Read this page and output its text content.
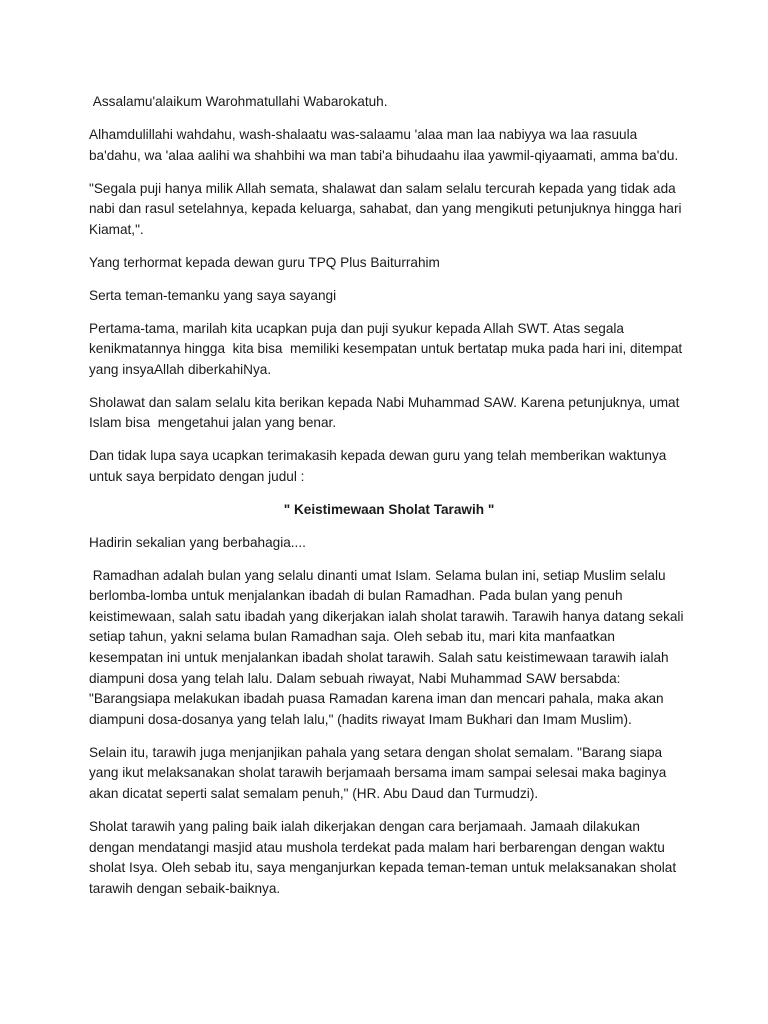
Assalamu'alaikum Warohmatullahi Wabarokatuh.

Alhamdulillahi wahdahu, wash-shalaatu was-salaamu 'alaa man laa nabiyya wa laa rasuula ba'dahu, wa 'alaa aalihi wa shahbihi wa man tabi'a bihudaahu ilaa yawmil-qiyaamati, amma ba'du.

"Segala puji hanya milik Allah semata, shalawat dan salam selalu tercurah kepada yang tidak ada nabi dan rasul setelahnya, kepada keluarga, sahabat, dan yang mengikuti petunjuknya hingga hari Kiamat,".

Yang terhormat kepada dewan guru TPQ Plus Baiturrahim

Serta teman-temanku yang saya sayangi

Pertama-tama, marilah kita ucapkan puja dan puji syukur kepada Allah SWT. Atas segala kenikmatannya hingga  kita bisa  memiliki kesempatan untuk bertatap muka pada hari ini, ditempat yang insyaAllah diberkahiNya.

Sholawat dan salam selalu kita berikan kepada Nabi Muhammad SAW. Karena petunjuknya, umat Islam bisa  mengetahui jalan yang benar.

Dan tidak lupa saya ucapkan terimakasih kepada dewan guru yang telah memberikan waktunya untuk saya berpidato dengan judul :

" Keistimewaan Sholat Tarawih "

Hadirin sekalian yang berbahagia....

Ramadhan adalah bulan yang selalu dinanti umat Islam. Selama bulan ini, setiap Muslim selalu berlomba-lomba untuk menjalankan ibadah di bulan Ramadhan. Pada bulan yang penuh keistimewaan, salah satu ibadah yang dikerjakan ialah sholat tarawih. Tarawih hanya datang sekali setiap tahun, yakni selama bulan Ramadhan saja. Oleh sebab itu, mari kita manfaatkan kesempatan ini untuk menjalankan ibadah sholat tarawih. Salah satu keistimewaan tarawih ialah diampuni dosa yang telah lalu. Dalam sebuah riwayat, Nabi Muhammad SAW bersabda: "Barangsiapa melakukan ibadah puasa Ramadan karena iman dan mencari pahala, maka akan diampuni dosa-dosanya yang telah lalu," (hadits riwayat Imam Bukhari dan Imam Muslim).

Selain itu, tarawih juga menjanjikan pahala yang setara dengan sholat semalam. "Barang siapa yang ikut melaksanakan sholat tarawih berjamaah bersama imam sampai selesai maka baginya akan dicatat seperti salat semalam penuh," (HR. Abu Daud dan Turmudzi).

Sholat tarawih yang paling baik ialah dikerjakan dengan cara berjamaah. Jamaah dilakukan dengan mendatangi masjid atau mushola terdekat pada malam hari berbarengan dengan waktu sholat Isya. Oleh sebab itu, saya menganjurkan kepada teman-teman untuk melaksanakan sholat tarawih dengan sebaik-baiknya.
